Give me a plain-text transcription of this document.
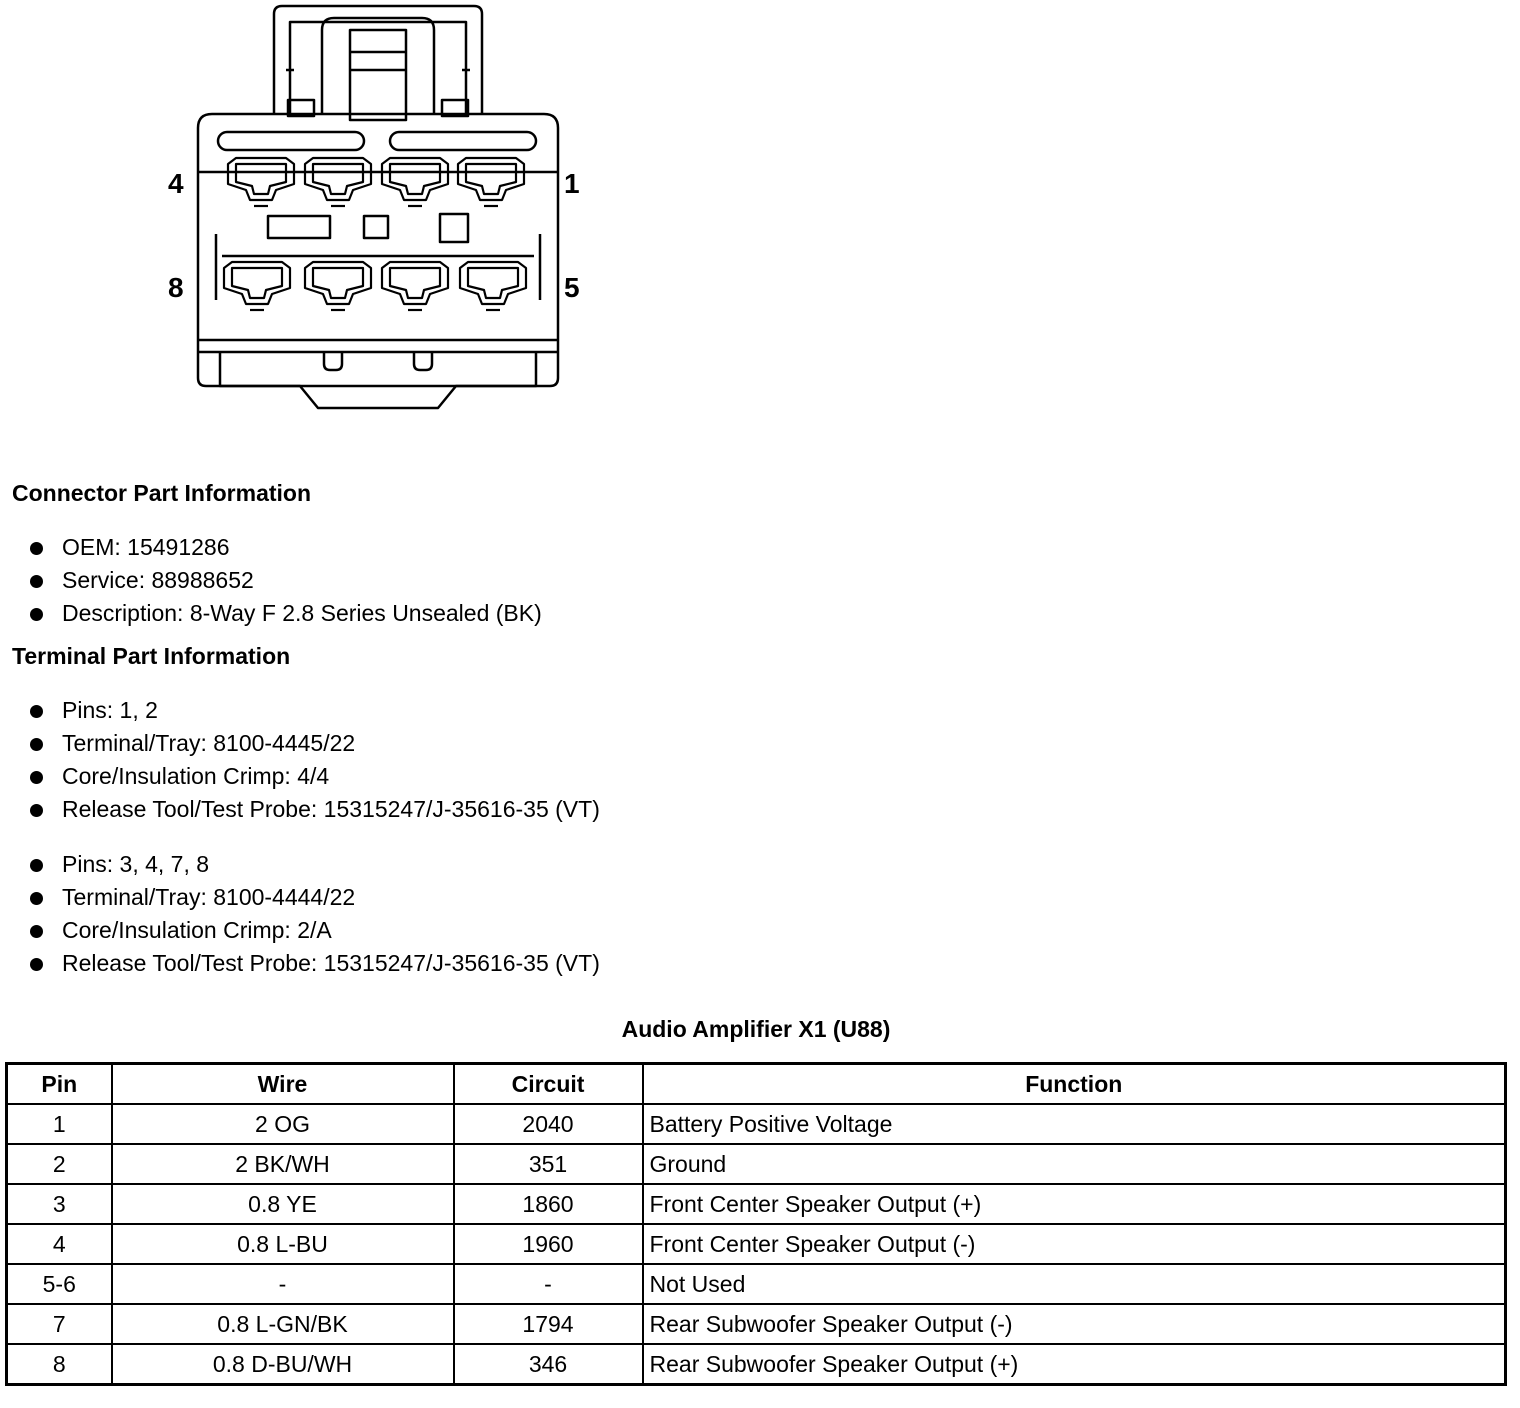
4	1
8	5
Connector Part Information
OEM: 15491286
Service: 88988652
Description: 8-Way F 2.8 Series Unsealed (BK)
Terminal Part Information
Pins: 1, 2
Terminal/Tray: 8100-4445/22
Core/Insulation Crimp: 4/4
Release Tool/Test Probe: 15315247/J-35616-35 (VT)
Pins: 3, 4, 7, 8
Terminal/Tray: 8100-4444/22
Core/Insulation Crimp: 2/A
Release Tool/Test Probe: 15315247/J-35616-35 (VT)
Audio Amplifier X1 (U88)
Pin	Wire	Circuit	Function
1	2 OG	2040	Battery Positive Voltage
2	2 BK/WH	351	Ground
3	0.8 YE	1860	Front Center Speaker Output (+)
4	0.8 L-BU	1960	Front Center Speaker Output (-)
5-6	-	-	Not Used
7	0.8 L-GN/BK	1794	Rear Subwoofer Speaker Output (-)
8	0.8 D-BU/WH	346	Rear Subwoofer Speaker Output (+)
